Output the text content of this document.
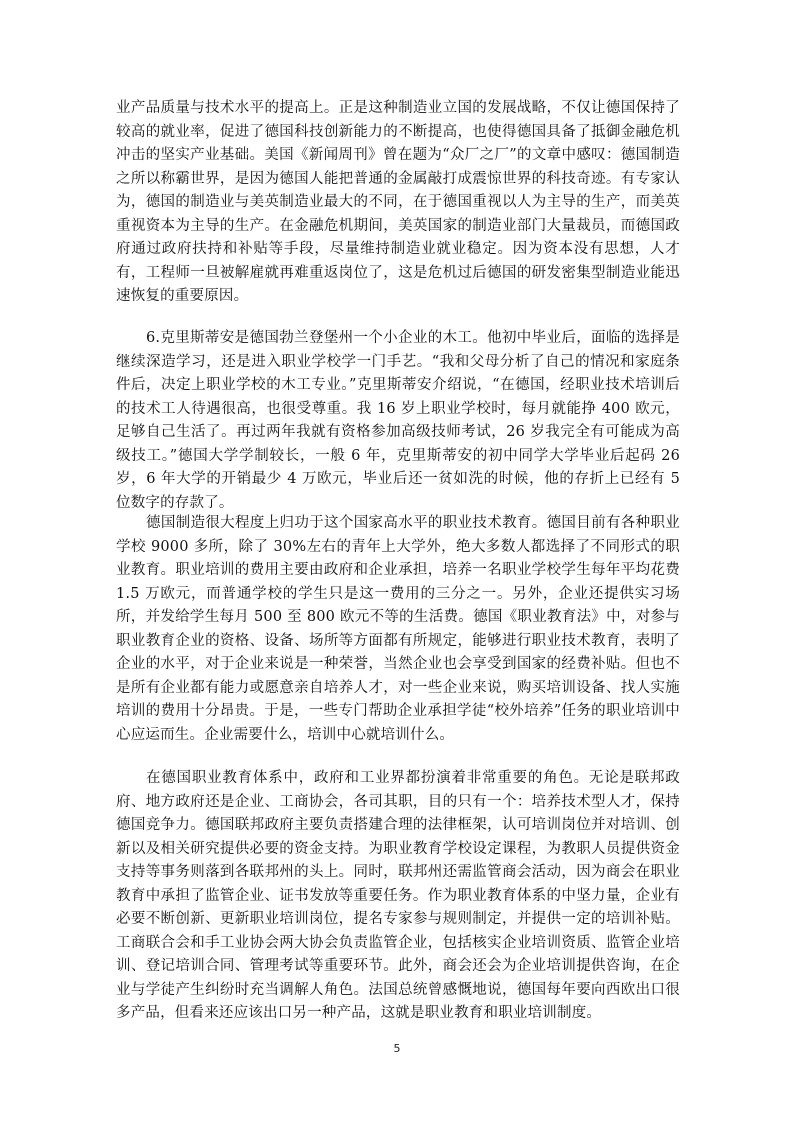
业产品质量与技术水平的提高上。正是这种制造业立国的发展战略，不仅让德国保持了较高的就业率，促进了德国科技创新能力的不断提高，也使得德国具备了抵御金融危机冲击的坚实产业基础。美国《新闻周刊》曾在题为“众厂之厂”的文章中感叹：德国制造之所以称霸世界，是因为德国人能把普通的金属敲打成震惊世界的科技奇迹。有专家认为，德国的制造业与美英制造业最大的不同，在于德国重视以人为主导的生产，而美英重视资本为主导的生产。在金融危机期间，美英国家的制造业部门大量裁员，而德国政府通过政府扶持和补贴等手段，尽量维持制造业就业稳定。因为资本没有思想，人才有，工程师一旦被解雇就再难重返岗位了，这是危机过后德国的研发密集型制造业能迅速恢复的重要原因。

6.克里斯蒂安是德国勃兰登堡州一个小企业的木工。他初中毕业后，面临的选择是继续深造学习，还是进入职业学校学一门手艺。“我和父母分析了自己的情况和家庭条件后，决定上职业学校的木工专业。”克里斯蒂安介绍说，“在德国，经职业技术培训后的技术工人待遇很高，也很受尊重。我 16 岁上职业学校时，每月就能挣 400 欧元，足够自己生活了。再过两年我就有资格参加高级技师考试，26 岁我完全有可能成为高级技工。”德国大学学制较长，一般 6 年，克里斯蒂安的初中同学大学毕业后起码 26 岁，6 年大学的开销最少 4 万欧元，毕业后还一贫如洗的时候，他的存折上已经有 5 位数字的存款了。

德国制造很大程度上归功于这个国家高水平的职业技术教育。德国目前有各种职业学校 9000 多所，除了 30%左右的青年上大学外，绝大多数人都选择了不同形式的职业教育。职业培训的费用主要由政府和企业承担，培养一名职业学校学生每年平均花费 1.5 万欧元，而普通学校的学生只是这一费用的三分之一。另外，企业还提供实习场所，并发给学生每月 500 至 800 欧元不等的生活费。德国《职业教育法》中，对参与职业教育企业的资格、设备、场所等方面都有所规定，能够进行职业技术教育，表明了企业的水平，对于企业来说是一种荣誉，当然企业也会享受到国家的经费补贴。但也不是所有企业都有能力或愿意亲自培养人才，对一些企业来说，购买培训设备、找人实施培训的费用十分昂贵。于是，一些专门帮助企业承担学徒“校外培养”任务的职业培训中心应运而生。企业需要什么，培训中心就培训什么。

在德国职业教育体系中，政府和工业界都扮演着非常重要的角色。无论是联邦政府、地方政府还是企业、工商协会，各司其职，目的只有一个：培养技术型人才，保持德国竞争力。德国联邦政府主要负责搭建合理的法律框架，认可培训岗位并对培训、创新以及相关研究提供必要的资金支持。为职业教育学校设定课程，为教职人员提供资金支持等事务则落到各联邦州的头上。同时，联邦州还需监管商会活动，因为商会在职业教育中承担了监管企业、证书发放等重要任务。作为职业教育体系的中坚力量，企业有必要不断创新、更新职业培训岗位，提名专家参与规则制定，并提供一定的培训补贴。工商联合会和手工业协会两大协会负责监管企业，包括核实企业培训资质、监管企业培训、登记培训合同、管理考试等重要环节。此外，商会还会为企业培训提供咨询，在企业与学徒产生纠纷时充当调解人角色。法国总统曾感慨地说，德国每年要向西欧出口很多产品，但看来还应该出口另一种产品，这就是职业教育和职业培训制度。

5
